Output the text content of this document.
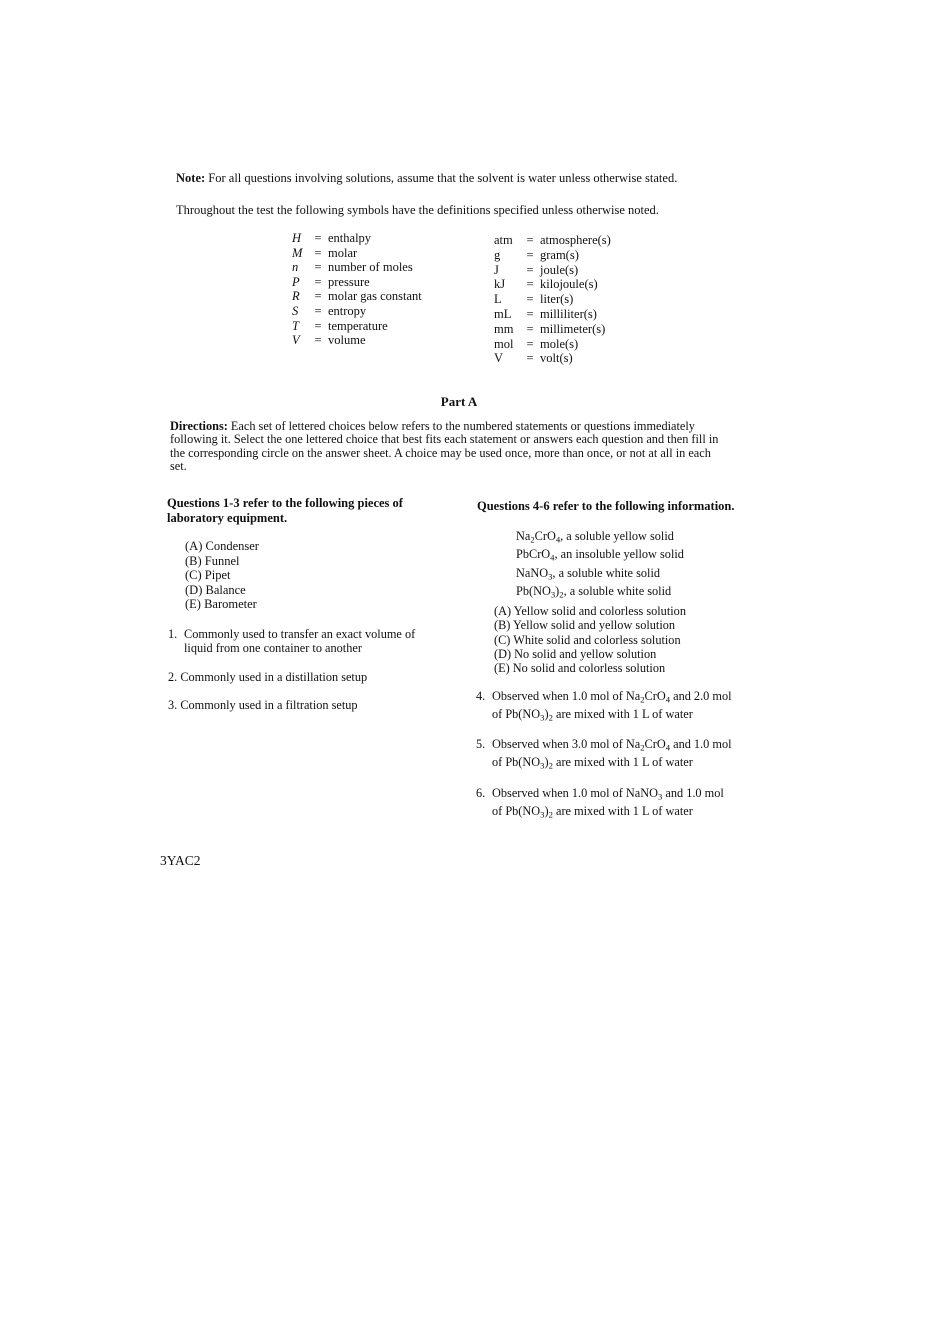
Note: For all questions involving solutions, assume that the solvent is water unless otherwise stated.
Throughout the test the following symbols have the definitions specified unless otherwise noted.
H = enthalpy
M = molar
n = number of moles
P = pressure
R = molar gas constant
S = entropy
T = temperature
V = volume
atm = atmosphere(s)
g = gram(s)
J = joule(s)
kJ = kilojoule(s)
L = liter(s)
mL = milliliter(s)
mm = millimeter(s)
mol = mole(s)
V = volt(s)
Part A
Directions: Each set of lettered choices below refers to the numbered statements or questions immediately following it. Select the one lettered choice that best fits each statement or answers each question and then fill in the corresponding circle on the answer sheet. A choice may be used once, more than once, or not at all in each set.
Questions 1-3 refer to the following pieces of laboratory equipment.
(A) Condenser
(B) Funnel
(C) Pipet
(D) Balance
(E) Barometer
1. Commonly used to transfer an exact volume of liquid from one container to another
2. Commonly used in a distillation setup
3. Commonly used in a filtration setup
Questions 4-6 refer to the following information.
$Na_2CrO_4$, a soluble yellow solid
PbCrO$_4$, an insoluble yellow solid
NaNO$_3$, a soluble white solid
$Pb(NO_3)_2$, a soluble white solid
(A) Yellow solid and colorless solution
(B) Yellow solid and yellow solution
(C) White solid and colorless solution
(D) No solid and yellow solution
(E) No solid and colorless solution
4. Observed when 1.0 mol of $Na_2CrO_4$ and 2.0 mol
of $Pb(NO_3)_2$ are mixed with 1 L of water
5. Observed when 3.0 mol of $Na_2CrO_4$ and 1.0 mol
of $Pb(NO_3)_2$ are mixed with 1 L of water
6. Observed when 1.0 mol of NaNO$_3$ and 1.0 mol
of $Pb(NO_3)_2$ are mixed with 1 L of water
3YAC2
